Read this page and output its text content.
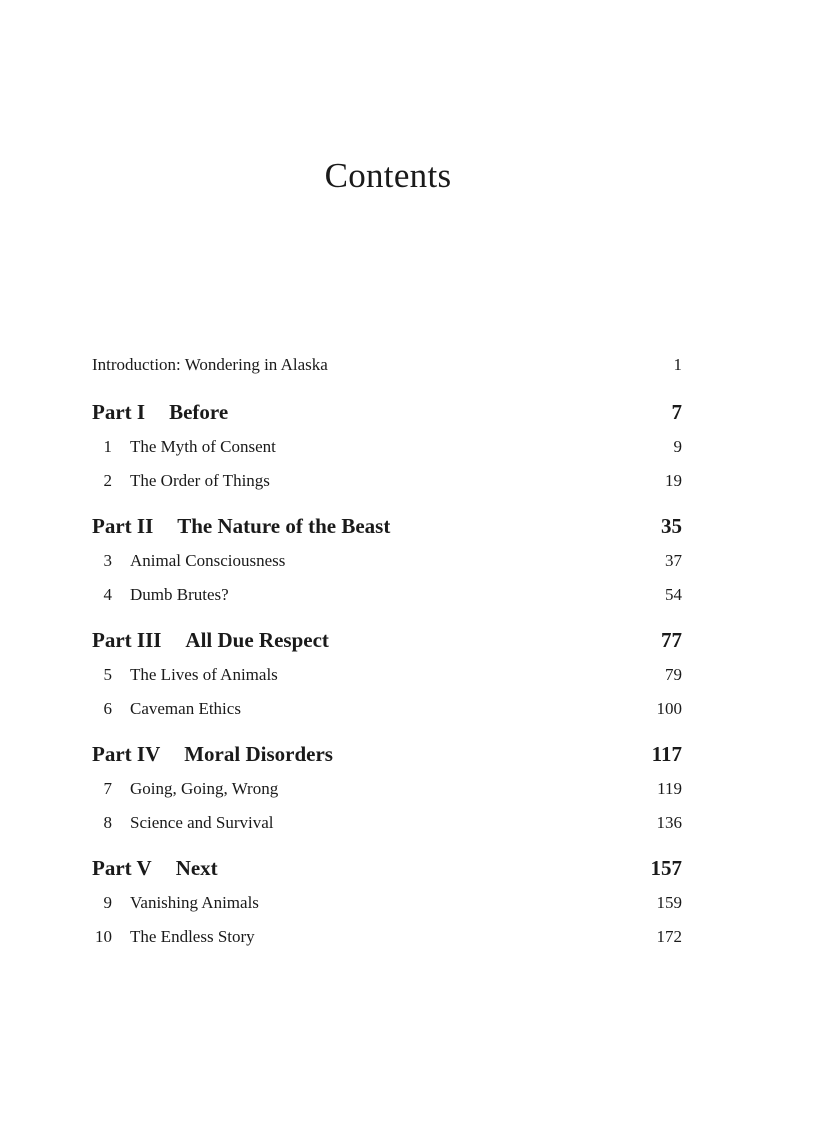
Contents
Introduction: Wondering in Alaska	1
Part I Before	7
1 The Myth of Consent	9
2 The Order of Things	19
Part II The Nature of the Beast	35
3 Animal Consciousness	37
4 Dumb Brutes?	54
Part III All Due Respect	77
5 The Lives of Animals	79
6 Caveman Ethics	100
Part IV Moral Disorders	117
7 Going, Going, Wrong	119
8 Science and Survival	136
Part V Next	157
9 Vanishing Animals	159
10 The Endless Story	172
